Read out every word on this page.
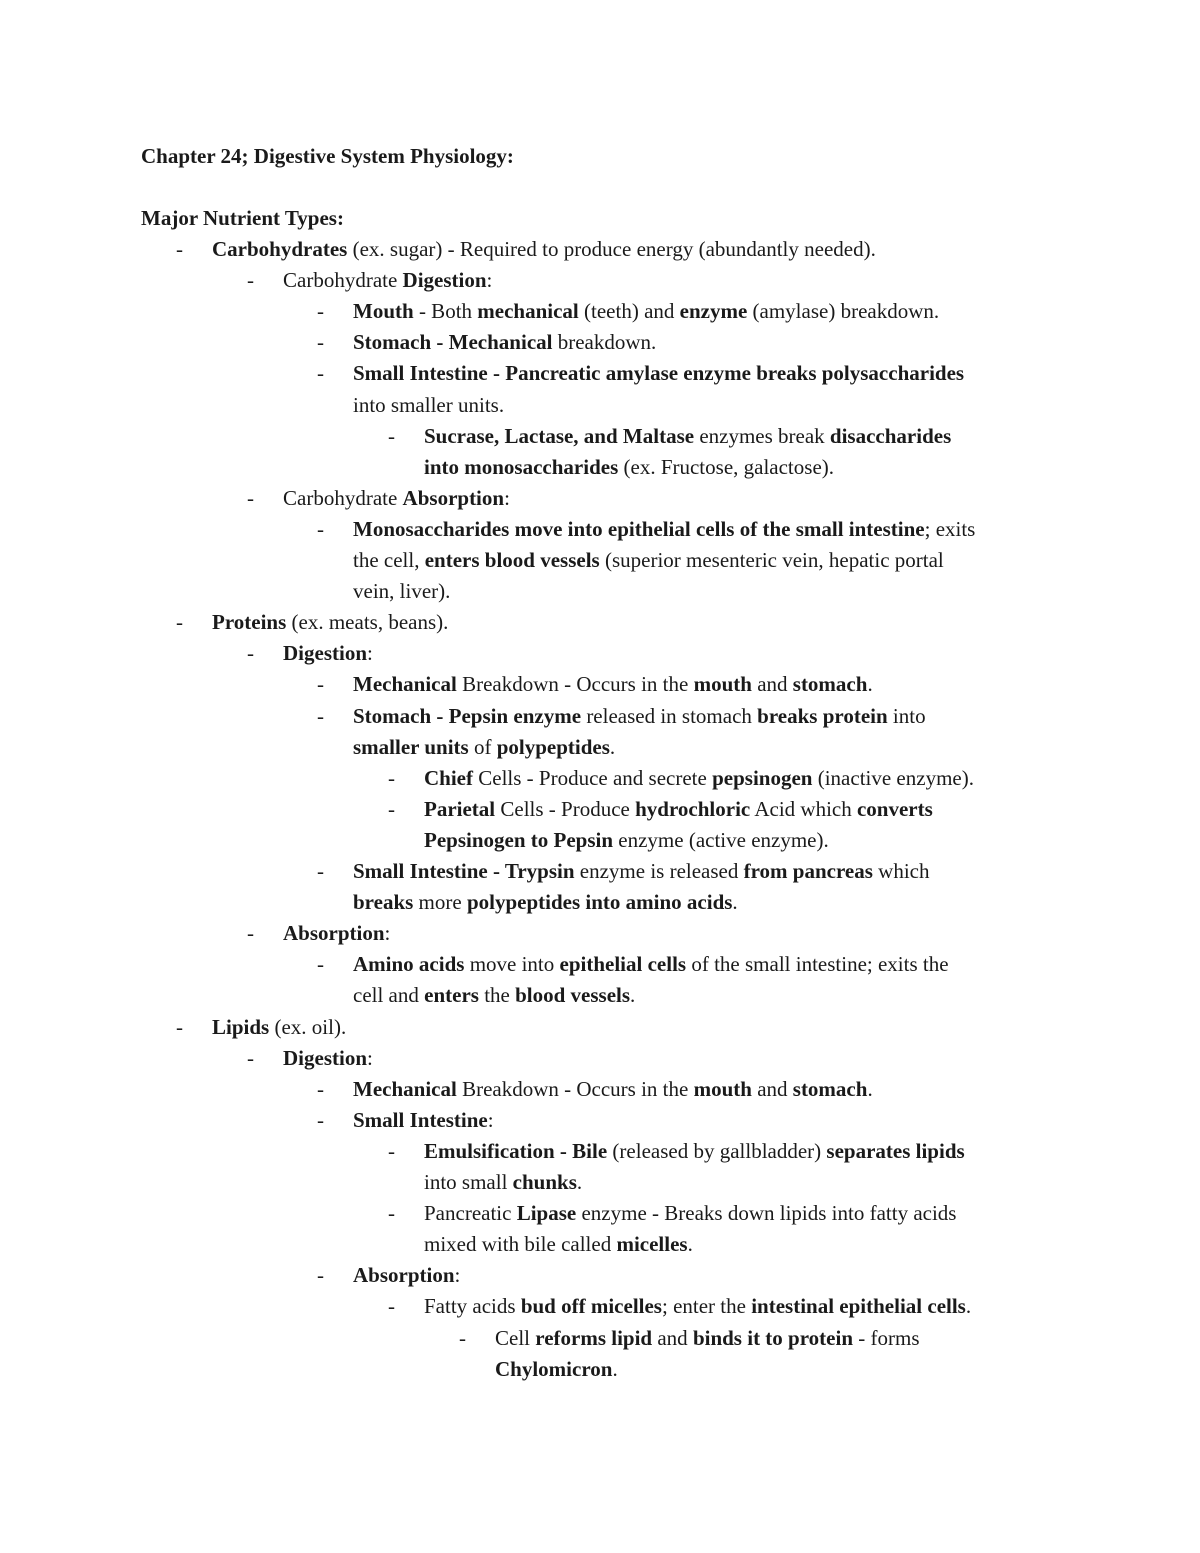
Chapter 24; Digestive System Physiology:
Major Nutrient Types:
- Carbohydrates (ex. sugar) - Required to produce energy (abundantly needed).
- Carbohydrate Digestion:
- Mouth - Both mechanical (teeth) and enzyme (amylase) breakdown.
- Stomach - Mechanical breakdown.
- Small Intestine - Pancreatic amylase enzyme breaks polysaccharides
into smaller units.
- Sucrase, Lactase, and Maltase enzymes break disaccharides
into monosaccharides (ex. Fructose, galactose).
- Carbohydrate Absorption:
- Monosaccharides move into epithelial cells of the small intestine; exits
the cell, enters blood vessels (superior mesenteric vein, hepatic portal
vein, liver).
- Proteins (ex. meats, beans).
- Digestion:
- Mechanical Breakdown - Occurs in the mouth and stomach.
- Stomach - Pepsin enzyme released in stomach breaks protein into
smaller units of polypeptides.
- Chief Cells - Produce and secrete pepsinogen (inactive enzyme).
- Parietal Cells - Produce hydrochloric Acid which converts
Pepsinogen to Pepsin enzyme (active enzyme).
- Small Intestine - Trypsin enzyme is released from pancreas which
breaks more polypeptides into amino acids.
- Absorption:
- Amino acids move into epithelial cells of the small intestine; exits the
cell and enters the blood vessels.
- Lipids (ex. oil).
- Digestion:
- Mechanical Breakdown - Occurs in the mouth and stomach.
- Small Intestine:
- Emulsification - Bile (released by gallbladder) separates lipids
into small chunks.
- Pancreatic Lipase enzyme - Breaks down lipids into fatty acids
mixed with bile called micelles.
- Absorption:
- Fatty acids bud off micelles; enter the intestinal epithelial cells.
- Cell reforms lipid and binds it to protein - forms
Chylomicron.
